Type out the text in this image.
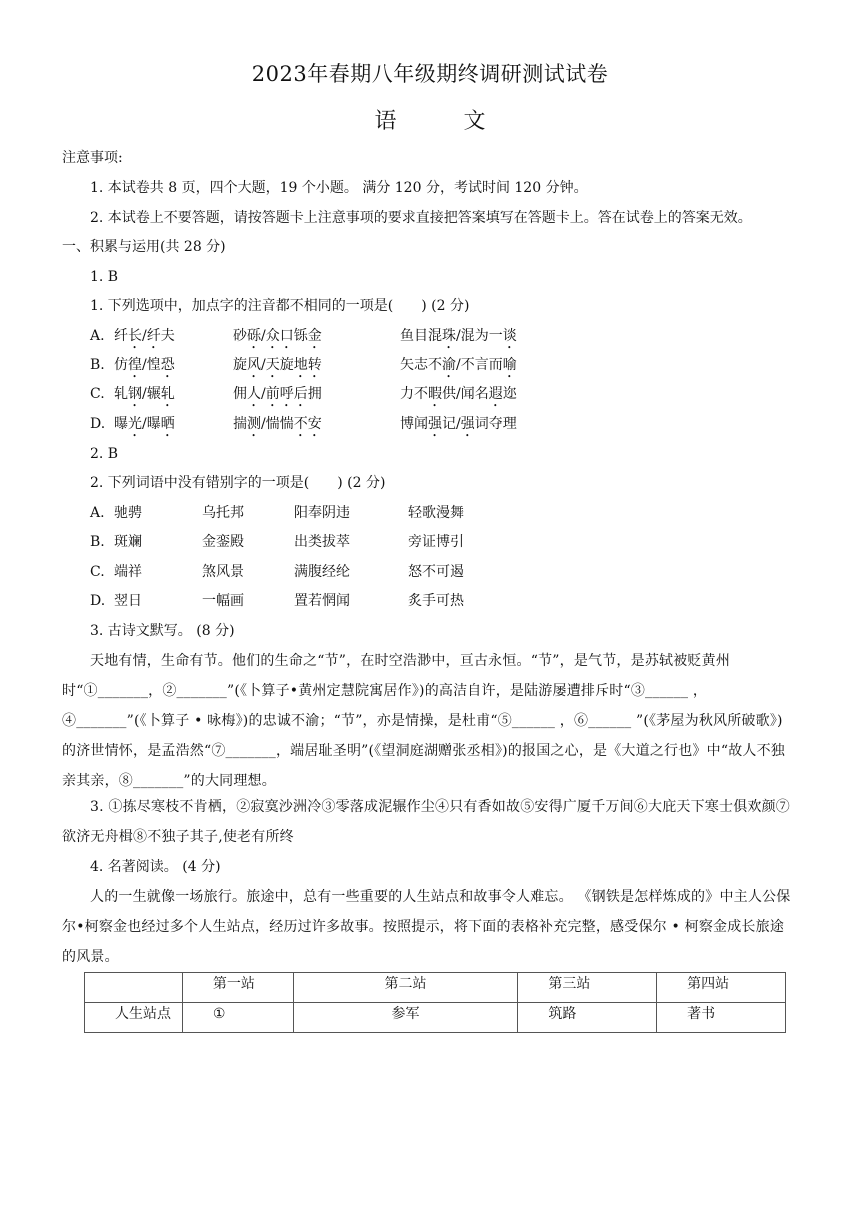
2023年春期八年级期终调研测试试卷
语 文
注意事项:
1. 本试卷共 8 页，四个大题，19 个小题。 满分 120 分，考试时间 120 分钟。
2. 本试卷上不要答题，请按答题卡上注意事项的要求直接把答案填写在答题卡上。答在试卷上的答案无效。
一、积累与运用(共 28 分)
1. B
1. 下列选项中，加点字的注音都不相同的一项是(　　) (2 分)
A. 纤长/纤夫	砂砾/众口铄金	鱼目混珠/混为一谈
B. 仿徨/惶恐	旋风/天旋地转	矢志不渝/不言而喻
C. 轧钢/辗轧	佣人/前呼后拥	力不暇供/闻名遐迩
D. 曝光/曝晒	揣测/惴惴不安	博闻强记/强词夺理
2. B
2. 下列词语中没有错别字的一项是(　　) (2 分)
A. 驰骋	乌托邦	阳奉阴违	轻歌漫舞
B. 斑斓	金銮殿	出类拔萃	旁证博引
C. 端祥	煞风景	满腹经纶	怒不可遏
D. 翌日	一幅画	置若惘闻	炙手可热
3. 古诗文默写。 (8 分)
天地有情，生命有节。他们的生命之“节”，在时空浩渺中，亘古永恒。“节”，是气节，是苏轼被贬黄州时“①_______，②_______”(《卜算子•黄州定慧院寓居作》)的高洁自许，是陆游屡遭排斥时“③______ ，④_______”(《卜算子 • 咏梅》)的忠诚不渝；“节”，亦是情操，是杜甫“⑤______ ，⑥______ ”(《茅屋为秋风所破歌》)的济世情怀，是孟浩然“⑦_______，端居耻圣明”(《望洞庭湖赠张丞相》)的报国之心，是《大道之行也》中“故人不独亲其亲，⑧_______”的大同理想。
3. ①拣尽寒枝不肯栖，②寂寞沙洲冷③零落成泥辗作尘④只有香如故⑤安得广厦千万间⑥大庇天下寒士俱欢颜⑦欲济无舟楫⑧不独子其子,使老有所终
4. 名著阅读。 (4 分)
人的一生就像一场旅行。旅途中，总有一些重要的人生站点和故事令人难忘。 《钢铁是怎样炼成的》中主人公保尔•柯察金也经过多个人生站点，经历过许多故事。按照提示，将下面的表格补充完整，感受保尔 • 柯察金成长旅途的风景。
	第一站	第二站	第三站	第四站
人生站点	①	参军	筑路	著书
